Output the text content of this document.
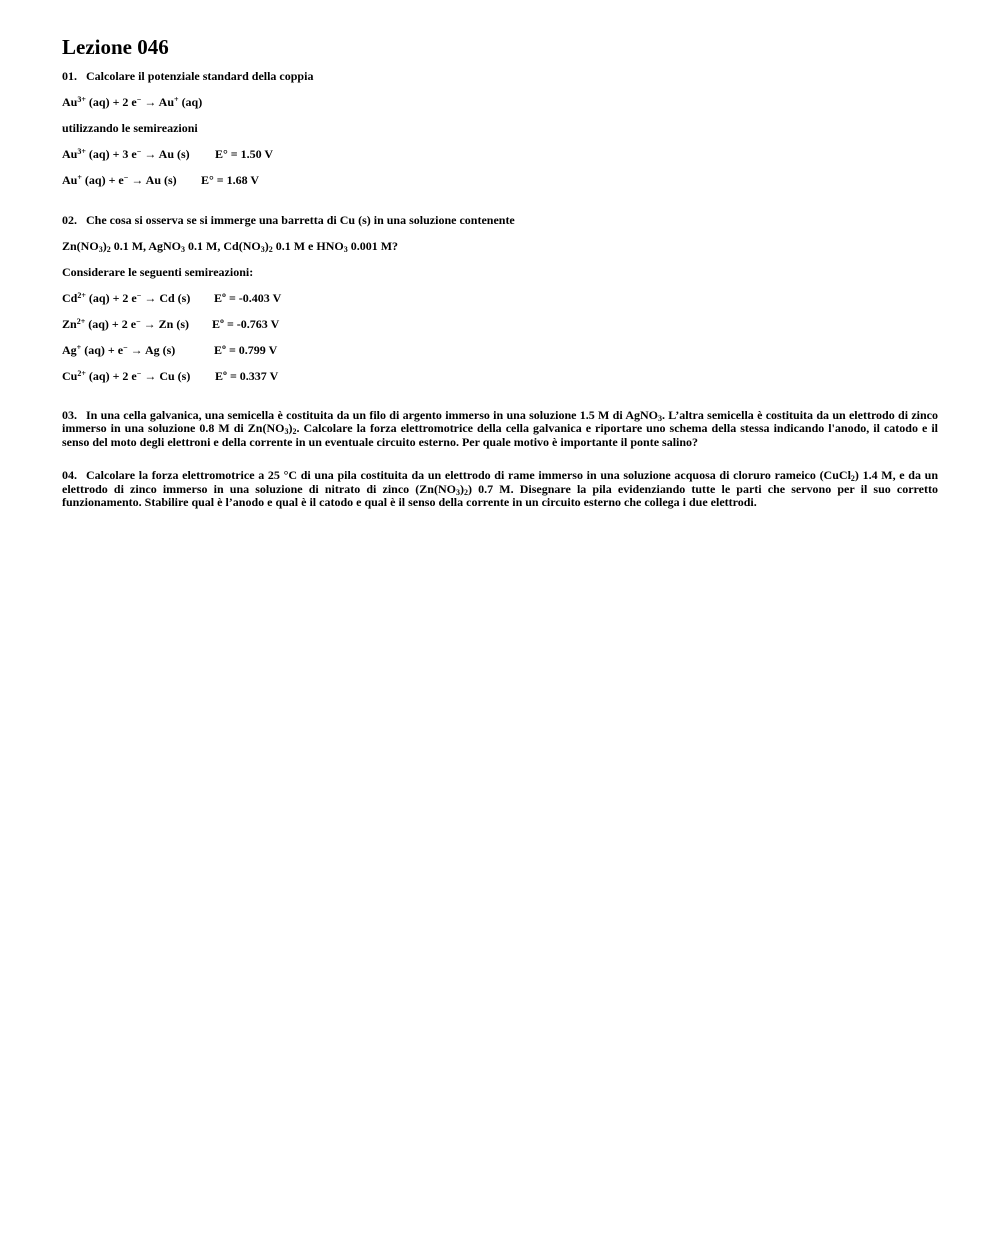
Lezione 046
01. Calcolare il potenziale standard della coppia
$Au^{3+}$ (aq) + 2 e− → Au+ (aq)
utilizzando le semireazioni
$Au^{3+}$ (aq) + 3 e− → Au (s) E° = 1.50 V
Au+ (aq) + e− → Au (s) E° = 1.68 V
02. Che cosa si osserva se si immerge una barretta di Cu (s) in una soluzione contenente
$Zn(NO_3)_2$ 0.1 M, AgNO$_3$ 0.1 M, $Cd(NO_3)_2$ 0.1 M e $HNO_3$ 0.001 M?
Considerare le seguenti semireazioni:
$Cd^{2+}$ (aq) + 2 e− → Cd (s) Eº = -0.403 V
$Zn^{2+}$ (aq) + 2 e− → Zn (s) Eº = -0.763 V
Ag+ (aq) + e− → Ag (s)	Eº = 0.799 V
$Cu^{2+}$ (aq) + 2 e− → Cu (s) Eº = 0.337 V

03. In una cella galvanica, una semicella è costituita da un filo di argento immerso in una soluzione 1.5 M di AgNO$_3$. L’altra semicella è costituita da un elettrodo di zinco immerso in una soluzione 0.8 M di $Zn(NO_3)_2$. Calcolare la forza elettromotrice della cella galvanica e riportare uno schema della stessa indicando l'anodo, il catodo e il senso del moto degli elettroni e della corrente in un eventuale circuito esterno. Per quale motivo è importante il ponte salino?

04. Calcolare la forza elettromotrice a 25 °C di una pila costituita da un elettrodo di rame immerso in una soluzione acquosa di cloruro rameico (CuCl$_2$) 1.4 M, e da un elettrodo di zinco immerso in una soluzione di nitrato di zinco $(Zn(NO_3)_2)$ 0.7 M. Disegnare la pila evidenziando tutte le parti che servono per il suo corretto funzionamento. Stabilire qual è l’anodo e qual è il catodo e qual è il senso della corrente in un circuito esterno che collega i due elettrodi.
